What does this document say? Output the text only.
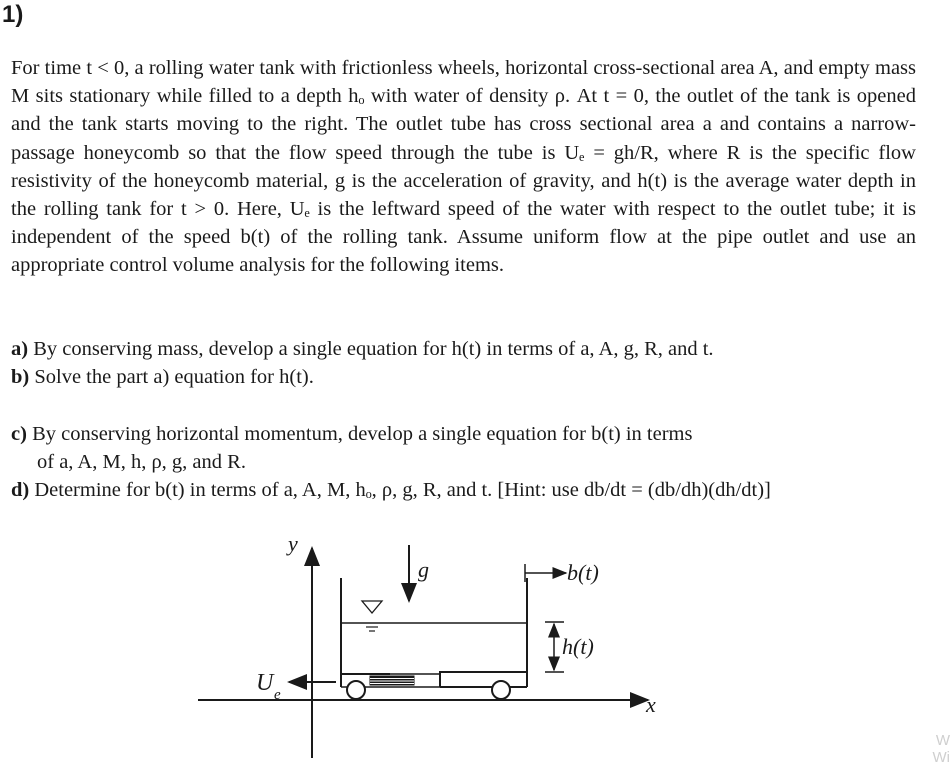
1)
For time t < 0, a rolling water tank with frictionless wheels, horizontal cross-sectional area A, and empty mass M sits stationary while filled to a depth hₒ with water of density ρ. At t = 0, the outlet of the tank is opened and the tank starts moving to the right. The outlet tube has cross sectional area a and contains a narrow-passage honeycomb so that the flow speed through the tube is Uₑ = gh/R, where R is the specific flow resistivity of the honeycomb material, g is the acceleration of gravity, and h(t) is the average water depth in the rolling tank for t > 0. Here, Uₑ is the leftward speed of the water with respect to the outlet tube; it is independent of the speed b(t) of the rolling tank. Assume uniform flow at the pipe outlet and use an appropriate control volume analysis for the following items.
a) By conserving mass, develop a single equation for h(t) in terms of a, A, g, R, and t.
b) Solve the part a) equation for h(t).
c) By conserving horizontal momentum, develop a single equation for b(t) in terms
of a, A, M, h, ρ, g, and R.
d) Determine for b(t) in terms of a, A, M, hₒ, ρ, g, R, and t. [Hint: use db/dt = (db/dh)(dh/dt)]
y
x
g	b(t)
h(t)
U e
W
Wi
